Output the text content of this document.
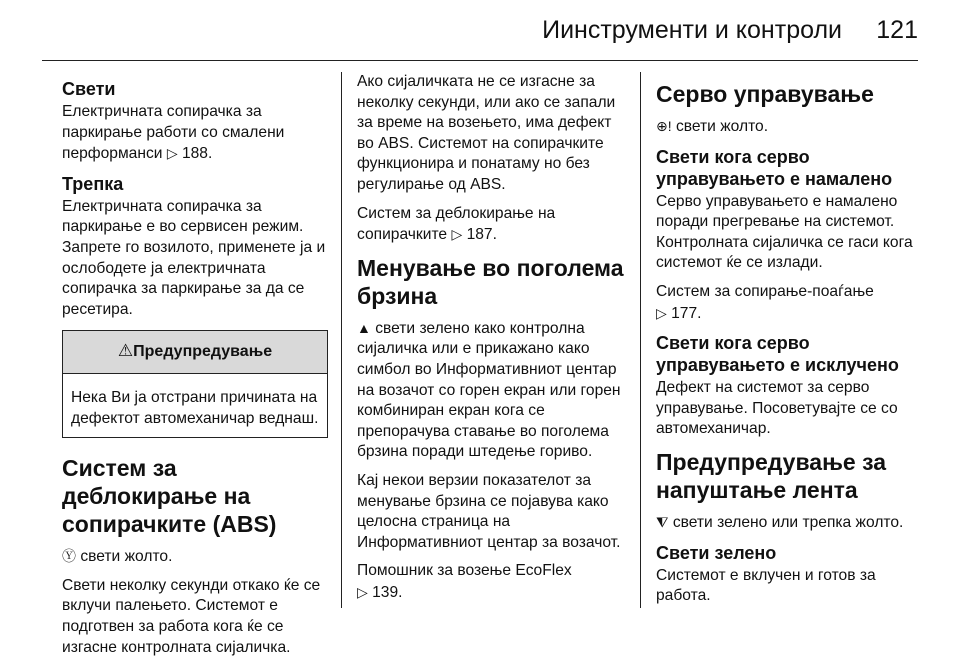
Иинструменти и контроли 121
Свети

Електричната сопирачка за паркирање работи со смалени перформанси ▷ 188.

Трепка

Електричната сопирачка за паркирање е во сервисен режим. Запрете го возилото, применете ја и ослободете ја електричната сопирачка за паркирање за да се ресетира.

⚠Предупредување
Нека Ви ја отстрани причината на дефектот автомеханичар веднаш.
Систем за деблокирање на сопирачките (ABS)

Ⓨ свети жолто.

Свети неколку секунди откако ќе се вклучи палењето. Системот е подготвен за работа кога ќе се изгасне контролната сијаличка.

Ако сијаличката не се изгасне за неколку секунди, или ако се запали за време на возењето, има дефект во ABS. Системот на сопирачките функционира и понатаму но без регулирање од ABS.

Систем за деблокирање на сопирачките ▷ 187.

Менување во поголема брзина

▲ свети зелено како контролна сијаличка или е прикажано како симбол во Информативниот центар на возачот со горен екран или горен комбиниран екран кога се препорачува ставање во поголема брзина поради штедење гориво.

Кај некои верзии показателот за менување брзина се појавува како целосна страница на Информативниот центар за возачот.

Помошник за возење EcoFlex
▷ 139.

Серво управување

⊕! свети жолто.

Свети кога серво управувањето е намалено

Серво управувањето е намалено поради прегревање на системот. Контролната сијаличка се гаси кога системот ќе се излади.

Систем за сопирање-поаѓање
▷ 177.

Свети кога серво управувањето е исклучено

Дефект на системот за серво управување. Посоветувајте се со автомеханичар.

Предупредување за напуштање лента

⧨ свети зелено или трепка жолто.

Свети зелено

Системот е вклучен и готов за работа.
